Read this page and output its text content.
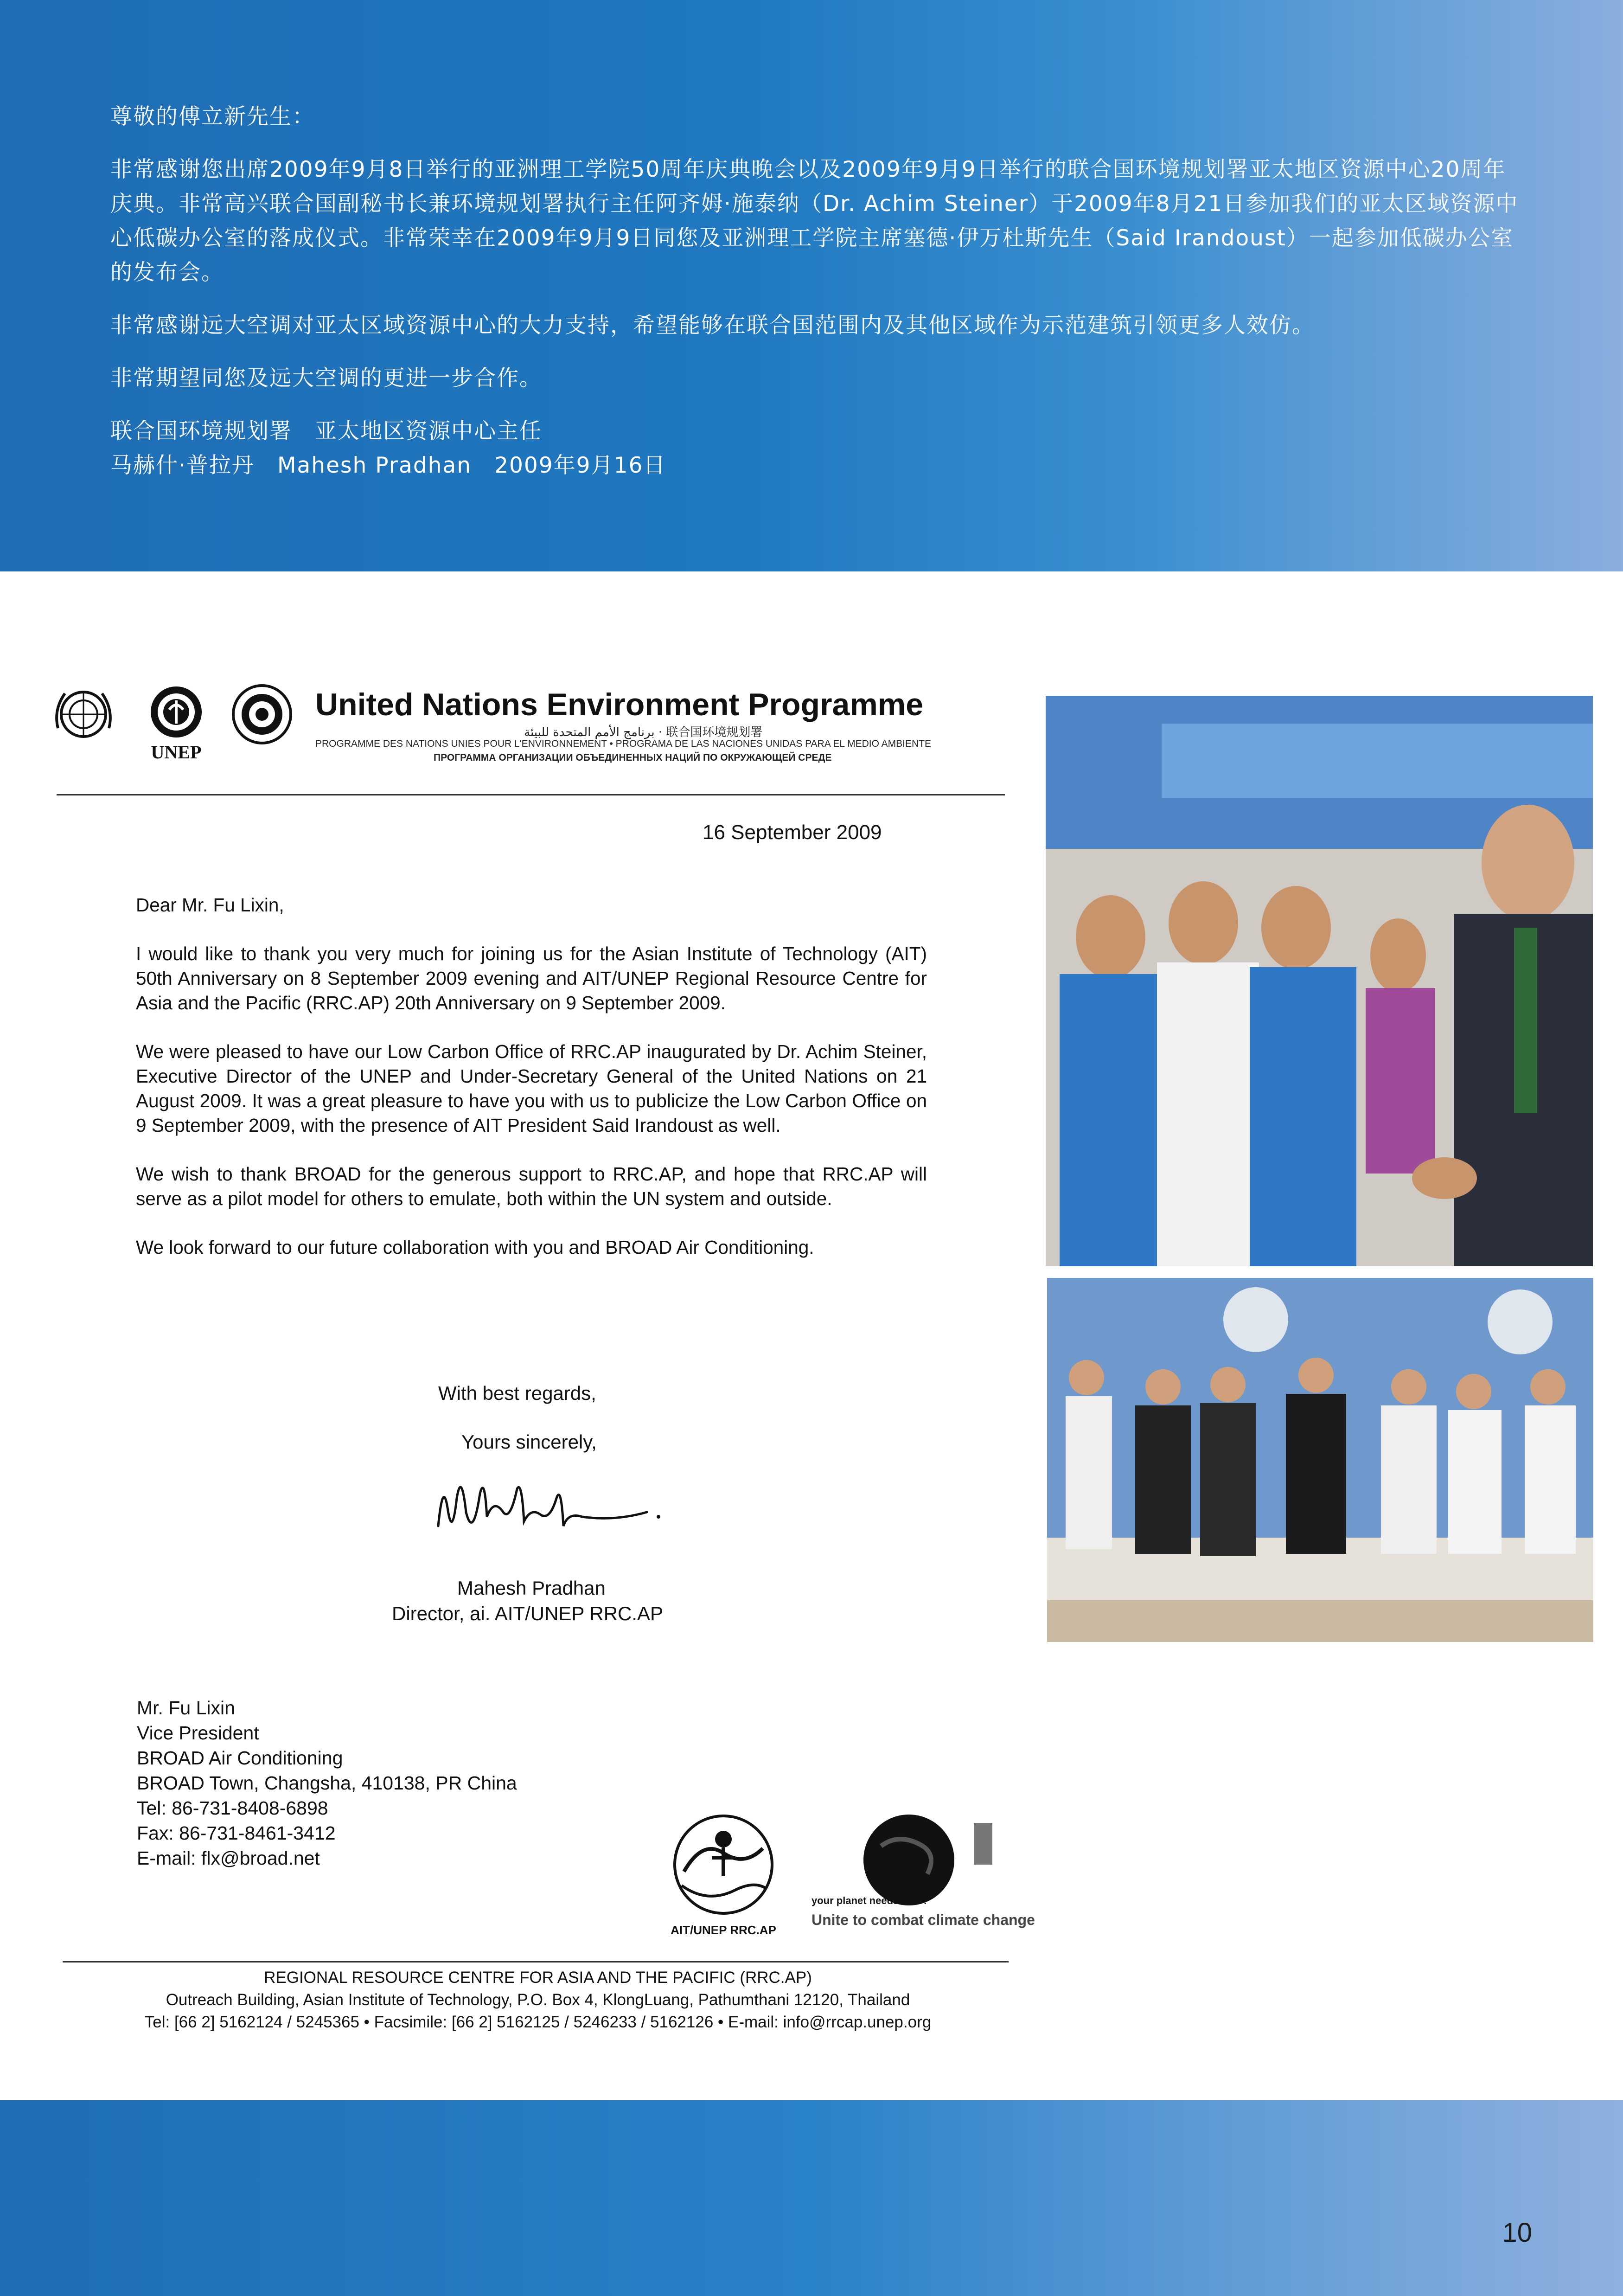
尊敬的傅立新先生：

非常感谢您出席2009年9月8日举行的亚洲理工学院50周年庆典晚会以及2009年9月9日举行的联合国环境规划署亚太地区资源中心20周年庆典。非常高兴联合国副秘书长兼环境规划署执行主任阿齐姆·施泰纳（Dr. Achim Steiner）于2009年8月21日参加我们的亚太区域资源中心低碳办公室的落成仪式。非常荣幸在2009年9月9日同您及亚洲理工学院主席塞德·伊万杜斯先生（Said Irandoust）一起参加低碳办公室的发布会。

非常感谢远大空调对亚太区域资源中心的大力支持，希望能够在联合国范围内及其他区域作为示范建筑引领更多人效仿。

非常期望同您及远大空调的更进一步合作。

联合国环境规划署　亚太地区资源中心主任

马赫什·普拉丹　Mahesh Pradhan　2009年9月16日

UNEP
United Nations Environment Programme
برنامج الأمم المتحدة للبيئة · 联合国环境规划署
PROGRAMME DES NATIONS UNIES POUR L'ENVIRONNEMENT • PROGRAMA DE LAS NACIONES UNIDAS PARA EL MEDIO AMBIENTE
ПРОГРАММА ОРГАНИЗАЦИИ ОБЪЕДИНЕННЫХ НАЦИЙ ПО ОКРУЖАЮЩЕЙ СРЕДЕ
16 September 2009

Dear Mr. Fu Lixin,

I would like to thank you very much for joining us for the Asian Institute of Technology (AIT) 50th Anniversary on 8 September 2009 evening and AIT/UNEP Regional Resource Centre for Asia and the Pacific (RRC.AP) 20th Anniversary on 9 September 2009.

We were pleased to have our Low Carbon Office of RRC.AP inaugurated by Dr. Achim Steiner, Executive Director of the UNEP and Under-Secretary General of the United Nations on 21 August 2009. It was a great pleasure to have you with us to publicize the Low Carbon Office on 9 September 2009, with the presence of AIT President Said Irandoust as well.

We wish to thank BROAD for the generous support to RRC.AP, and hope that RRC.AP will serve as a pilot model for others to emulate, both within the UN system and outside.

We look forward to our future collaboration with you and BROAD Air Conditioning.

With best regards,
Yours sincerely,
Mahesh Pradhan
Director, ai. AIT/UNEP RRC.AP
Mr. Fu Lixin
Vice President
BROAD Air Conditioning
BROAD Town, Changsha, 410138, PR China
Tel: 86-731-8408-6898
Fax: 86-731-8461-3412
E-mail: flx@broad.net
AIT/UNEP RRC.AP
your planet needs YOU!
Unite to combat climate change
REGIONAL RESOURCE CENTRE FOR ASIA AND THE PACIFIC (RRC.AP)
Outreach Building, Asian Institute of Technology, P.O. Box 4, KlongLuang, Pathumthani 12120, Thailand
Tel: [66 2] 5162124 / 5245365 • Facsimile: [66 2] 5162125 / 5246233 / 5162126 • E-mail: info@rrcap.unep.org
10
